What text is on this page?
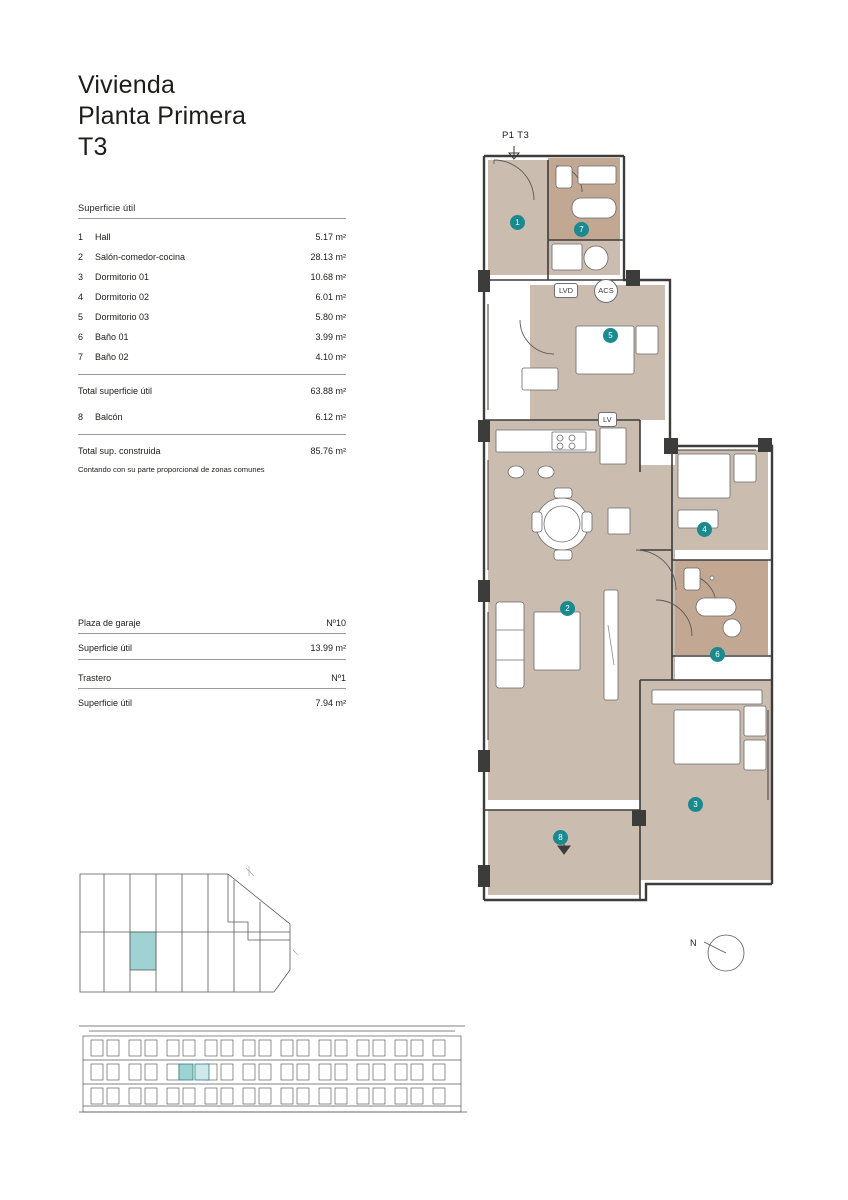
Vivienda
Planta Primera
T3
Superficie útil
1	Hall	5.17 m²
2	Salón-comedor-cocina	28.13 m²
3	Dormitorio 01	10.68 m²
4	Dormitorio 02	6.01 m²
5	Dormitorio 03	5.80 m²
6	Baño 01	3.99 m²
7	Baño 02	4.10 m²
Total superficie útil	63.88 m²
8	Balcón	6.12 m²
Total sup. construida	85.76 m²
Contando con su parte proporcional de zonas comunes
Plaza de garaje	Nº10
Superficie útil	13.99 m²
Trastero	Nº1
Superficie útil	7.94 m²
P1 T3
1
2
3
4
5
6
7
8
LVD	ACS
LV
N
